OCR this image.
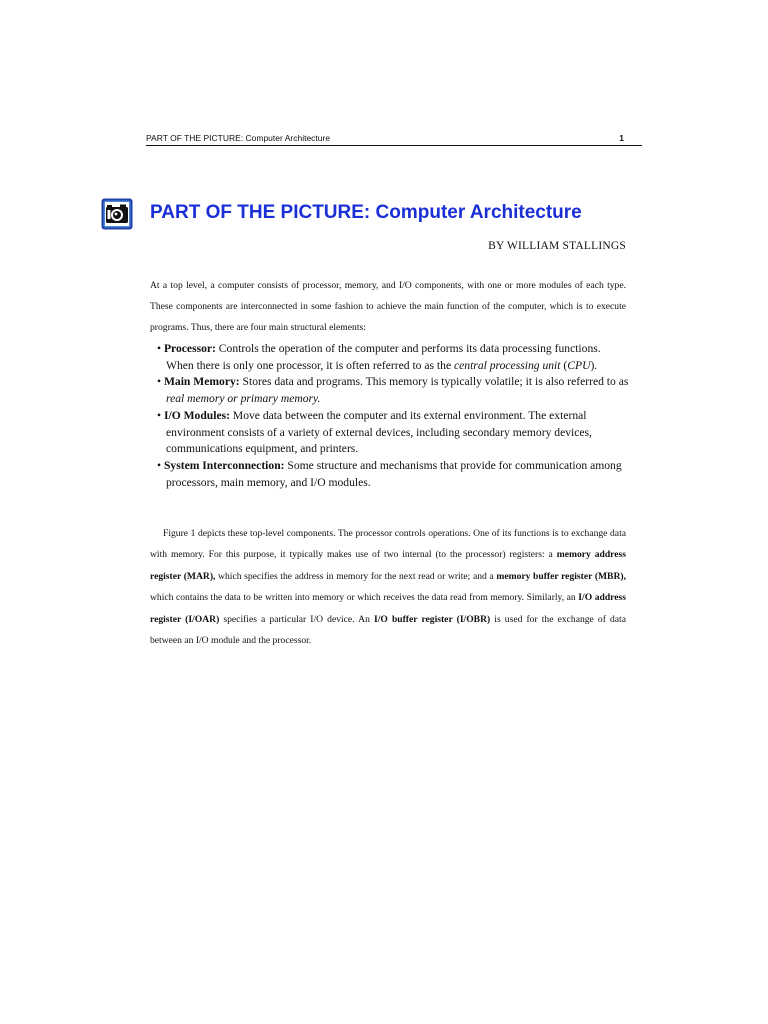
PART OF THE PICTURE: Computer Architecture	1
PART OF THE PICTURE: Computer Architecture
BY WILLIAM STALLINGS

At a top level, a computer consists of processor, memory, and I/O components, with one or more modules of each type. These components are interconnected in some fashion to achieve the main function of the computer, which is to execute programs. Thus, there are four main structural elements:

• Processor: Controls the operation of the computer and performs its data processing functions. When there is only one processor, it is often referred to as the central processing unit (CPU).
• Main Memory: Stores data and programs. This memory is typically volatile; it is also referred to as real memory or primary memory.
• I/O Modules: Move data between the computer and its external environment. The external environment consists of a variety of external devices, including secondary memory devices, communications equipment, and printers.
• System Interconnection: Some structure and mechanisms that provide for communication among processors, main memory, and I/O modules.

Figure 1 depicts these top-level components. The processor controls operations. One of its functions is to exchange data with memory. For this purpose, it typically makes use of two internal (to the processor) registers: a memory address register (MAR), which specifies the address in memory for the next read or write; and a memory buffer register (MBR), which contains the data to be written into memory or which receives the data read from memory. Similarly, an I/O address register (I/OAR) specifies a particular I/O device. An I/O buffer register (I/OBR) is used for the exchange of data between an I/O module and the processor.
